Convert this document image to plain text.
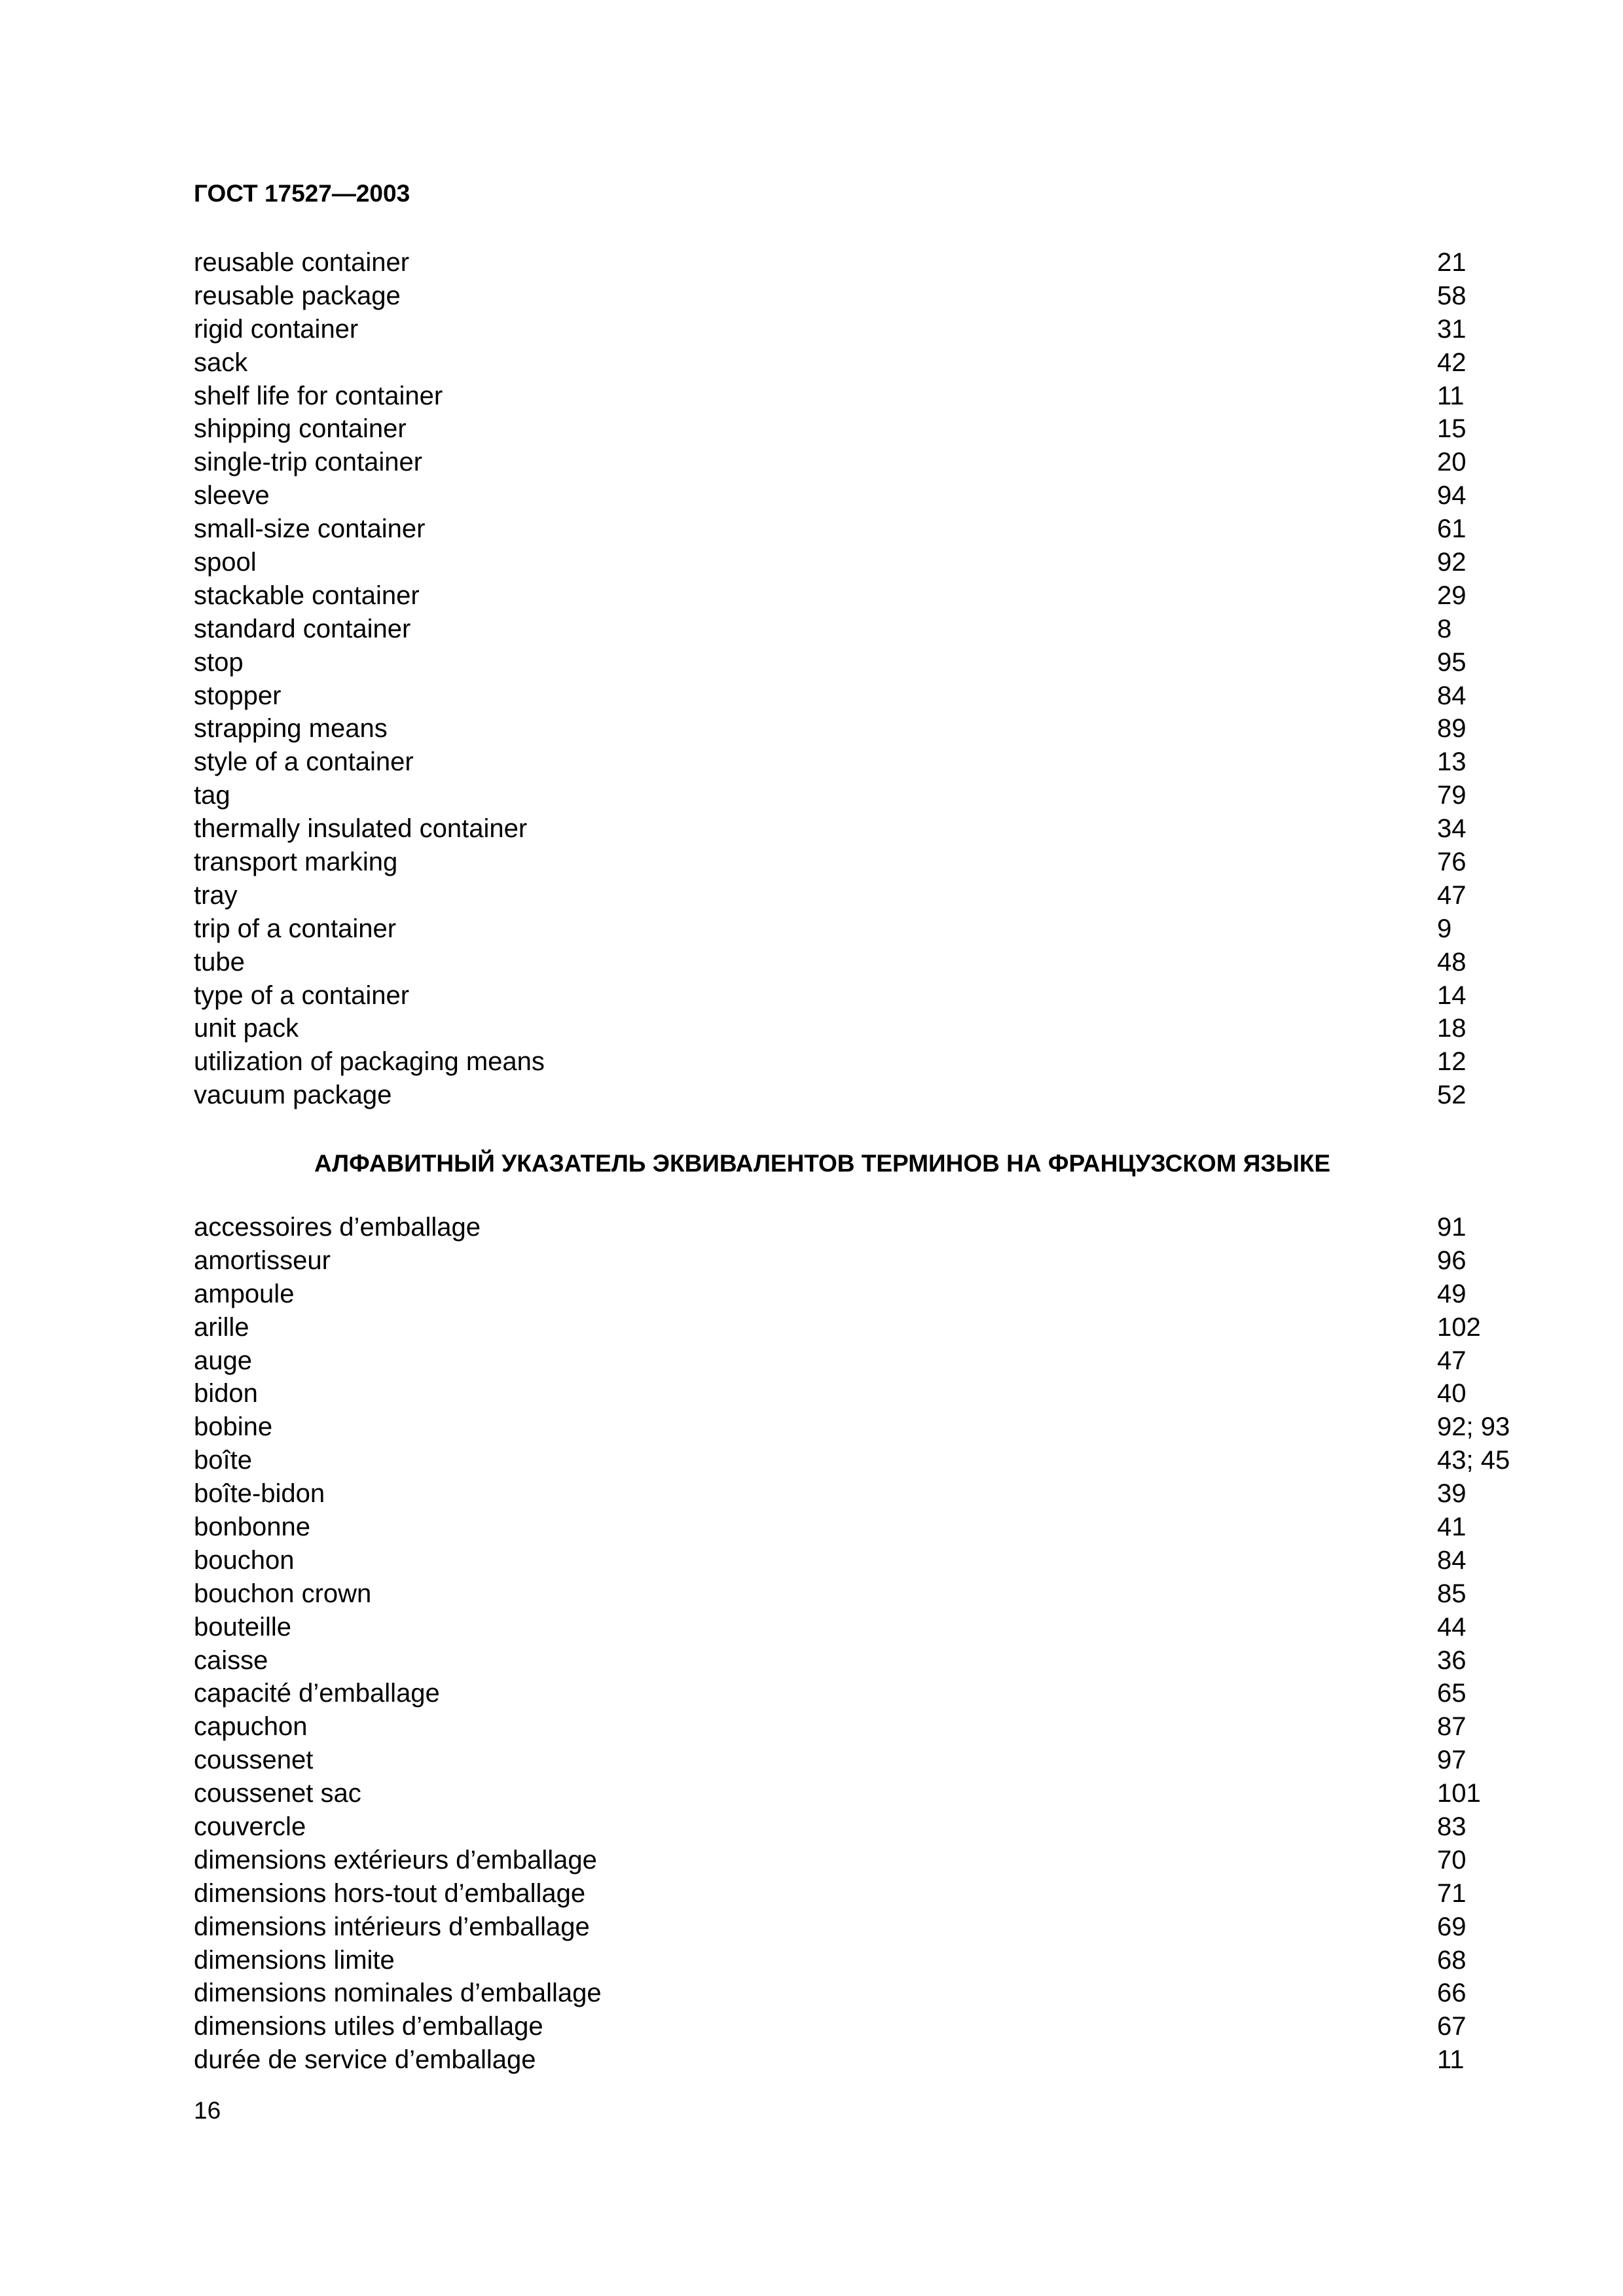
ГОСТ 17527—2003
reusable container	21
reusable package	58
rigid container	31
sack	42
shelf life for container	11
shipping container	15
single-trip container	20
sleeve	94
small-size container	61
spool	92
stackable container	29
standard container	8
stop	95
stopper	84
strapping means	89
style of a container	13
tag	79
thermally insulated container	34
transport marking	76
tray	47
trip of a container	9
tube	48
type of a container	14
unit pack	18
utilization of packaging means	12
vacuum package	52
АЛФАВИТНЫЙ УКАЗАТЕЛЬ ЭКВИВАЛЕНТОВ ТЕРМИНОВ НА ФРАНЦУЗСКОМ ЯЗЫКЕ
accessoires d’emballage	91
amortisseur	96
ampoule	49
arille	102
auge	47
bidon	40
bobine	92; 93
boîte	43; 45
boîte-bidon	39
bonbonne	41
bouchon	84
bouchon crown	85
bouteille	44
caisse	36
capacité d’emballage	65
capuchon	87
coussenet	97
coussenet sac	101
couvercle	83
dimensions extérieurs d’emballage	70
dimensions hors-tout d’emballage	71
dimensions intérieurs d’emballage	69
dimensions limite	68
dimensions nominales d’emballage	66
dimensions utiles d’emballage	67
durée de service d’emballage	11
16
